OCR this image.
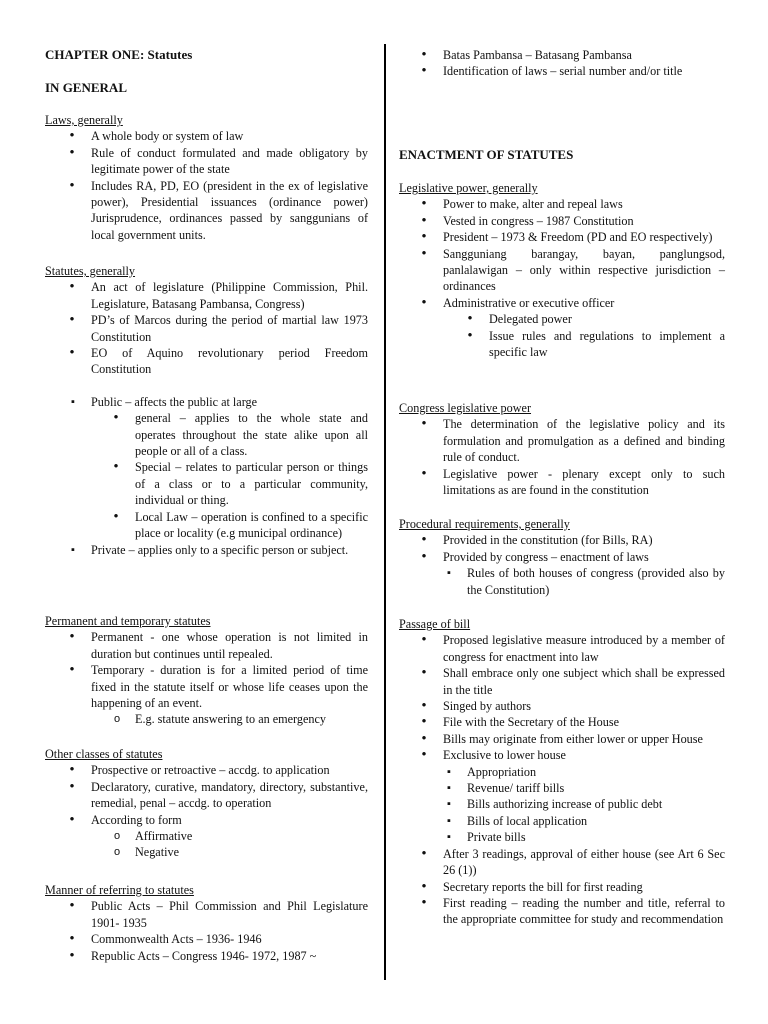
CHAPTER ONE: Statutes
IN GENERAL
Laws, generally
• A whole body or system of law
• Rule of conduct formulated and made obligatory by legitimate power of the state
• Includes RA, PD, EO (president in the ex of legislative power), Presidential issuances (ordinance power) Jurisprudence, ordinances passed by sanggunians of local government units.
Statutes, generally
• An act of legislature (Philippine Commission, Phil. Legislature, Batasang Pambansa, Congress)
• PD’s of Marcos during the period of martial law 1973 Constitution
• EO of Aquino revolutionary period Freedom Constitution
▪ Public – affects the public at large
• general – applies to the whole state and operates throughout the state alike upon all people or all of a class.
• Special – relates to particular person or things of a class or to a particular community, individual or thing.
• Local Law – operation is confined to a specific place or locality (e.g municipal ordinance)
▪ Private – applies only to a specific person or subject.
Permanent and temporary statutes
• Permanent - one whose operation is not limited in duration but continues until repealed.
• Temporary - duration is for a limited period of time fixed in the statute itself or whose life ceases upon the happening of an event.
o E.g. statute answering to an emergency
Other classes of statutes
• Prospective or retroactive – accdg. to application
• Declaratory, curative, mandatory, directory, substantive, remedial, penal – accdg. to operation
• According to form
o Affirmative
o Negative
Manner of referring to statutes
• Public Acts – Phil Commission and Phil Legislature 1901- 1935
• Commonwealth Acts – 1936- 1946
• Republic Acts – Congress 1946- 1972, 1987 ~
• Batas Pambansa – Batasang Pambansa
• Identification of laws – serial number and/or title
ENACTMENT OF STATUTES
Legislative power, generally
• Power to make, alter and repeal laws
• Vested in congress – 1987 Constitution
• President – 1973 & Freedom (PD and EO respectively)
• Sangguniang barangay, bayan, panglungsod, panlalawigan – only within respective jurisdiction – ordinances
• Administrative or executive officer
• Delegated power
• Issue rules and regulations to implement a specific law
Congress legislative power
• The determination of the legislative policy and its formulation and promulgation as a defined and binding rule of conduct.
• Legislative power - plenary except only to such limitations as are found in the constitution
Procedural requirements, generally
• Provided in the constitution (for Bills, RA)
• Provided by congress – enactment of laws
▪ Rules of both houses of congress (provided also by the Constitution)
Passage of bill
• Proposed legislative measure introduced by a member of congress for enactment into law
• Shall embrace only one subject which shall be expressed in the title
• Singed by authors
• File with the Secretary of the House
• Bills may originate from either lower or upper House
• Exclusive to lower house
▪ Appropriation
▪ Revenue/ tariff bills
▪ Bills authorizing increase of public debt
▪ Bills of local application
▪ Private bills
• After 3 readings, approval of either house (see Art 6 Sec 26 (1))
• Secretary reports the bill for first reading
• First reading – reading the number and title, referral to the appropriate committee for study and recommendation
